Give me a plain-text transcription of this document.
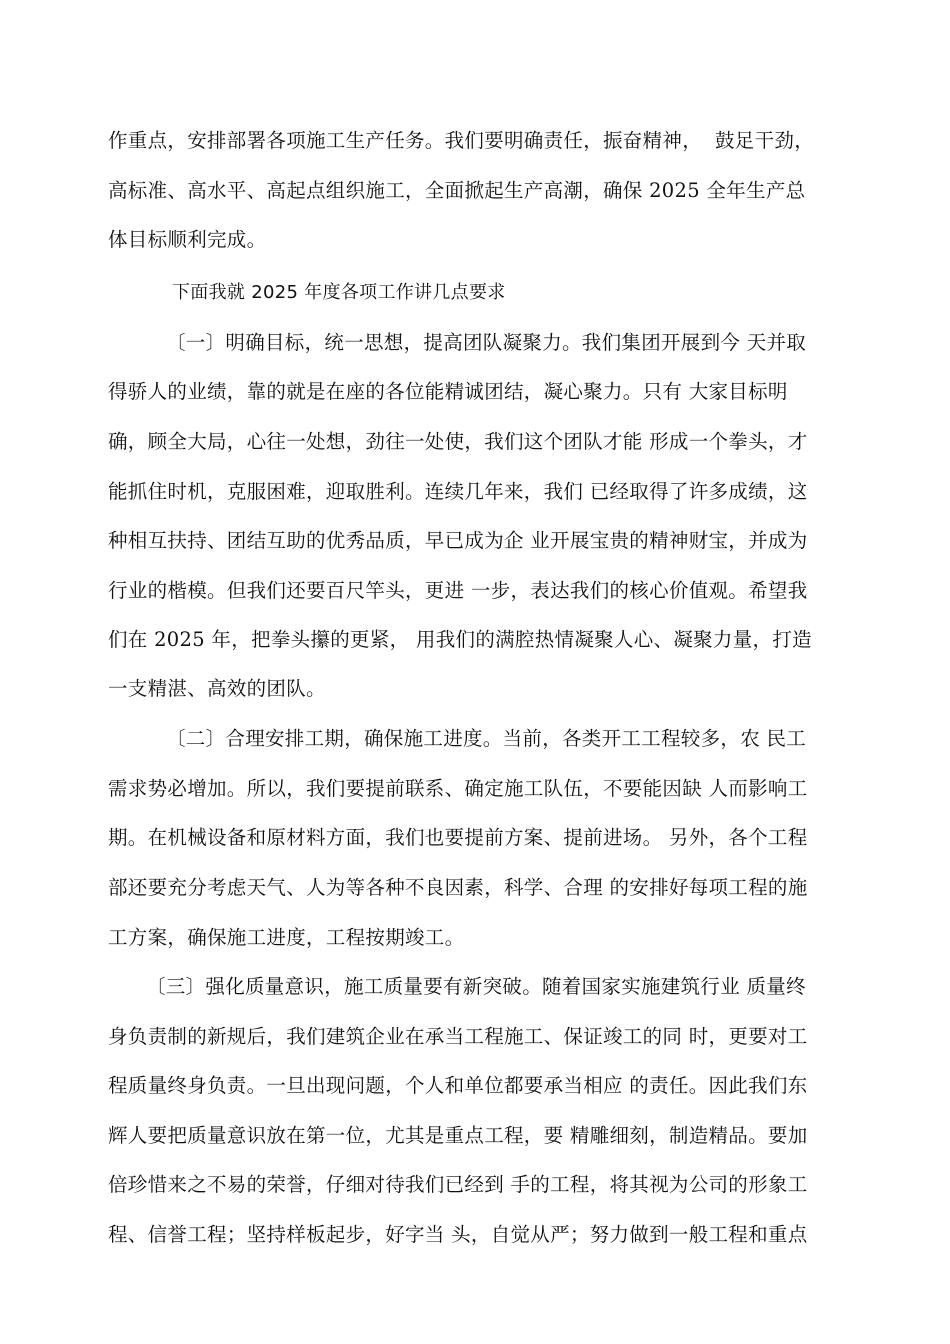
作重点，安排部署各项施工生产任务。我们要明确责任，振奋精神，  鼓足干劲，
高标准、高水平、高起点组织施工，全面掀起生产高潮，确保 2025 全年生产总
体目标顺利完成。
下面我就 2025 年度各项工作讲几点要求
〔一〕明确目标，统一思想，提高团队凝聚力。我们集团开展到今 天并取
得骄人的业绩，靠的就是在座的各位能精诚团结，凝心聚力。只有 大家目标明
确，顾全大局，心往一处想，劲往一处使，我们这个团队才能 形成一个拳头，才
能抓住时机，克服困难，迎取胜利。连续几年来，我们 已经取得了许多成绩，这
种相互扶持、团结互助的优秀品质，早已成为企 业开展宝贵的精神财宝，并成为
行业的楷模。但我们还要百尺竿头，更进 一步，表达我们的核心价值观。希望我
们在 2025 年，把拳头攥的更紧， 用我们的满腔热情凝聚人心、凝聚力量，打造
一支精湛、高效的团队。
〔二〕合理安排工期，确保施工进度。当前，各类开工工程较多，农 民工
需求势必增加。所以，我们要提前联系、确定施工队伍，不要能因缺 人而影响工
期。在机械设备和原材料方面，我们也要提前方案、提前进场。 另外，各个工程
部还要充分考虑天气、人为等各种不良因素，科学、合理 的安排好每项工程的施
工方案，确保施工进度，工程按期竣工。
〔三〕强化质量意识，施工质量要有新突破。随着国家实施建筑行业 质量终
身负责制的新规后，我们建筑企业在承当工程施工、保证竣工的同 时，更要对工
程质量终身负责。一旦出现问题，个人和单位都要承当相应 的责任。因此我们东
辉人要把质量意识放在第一位，尤其是重点工程，要 精雕细刻，制造精品。要加
倍珍惜来之不易的荣誉，仔细对待我们已经到 手的工程，将其视为公司的形象工
程、信誉工程；坚持样板起步，好字当 头，自觉从严；努力做到一般工程和重点
